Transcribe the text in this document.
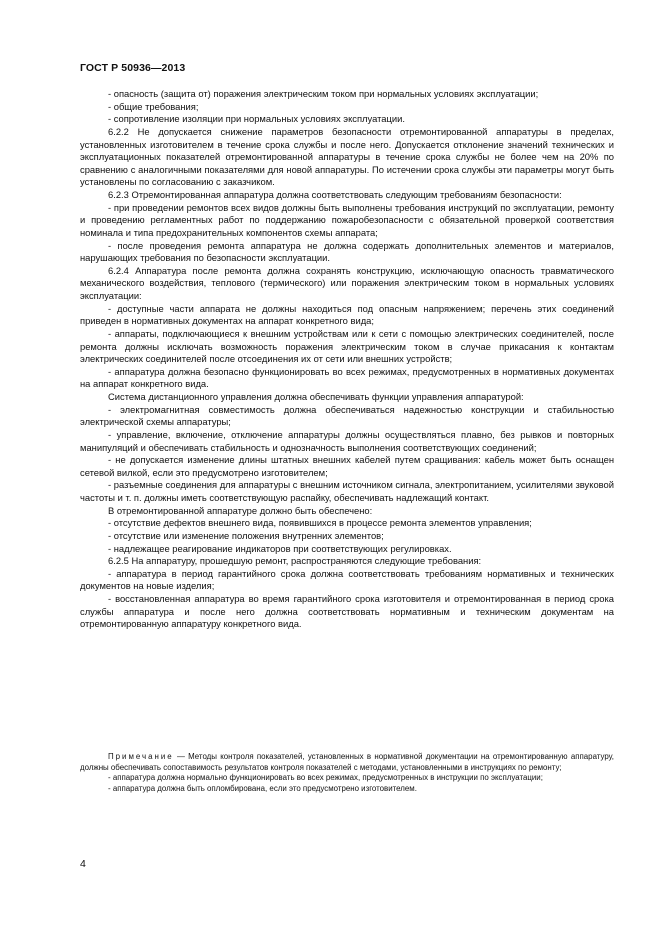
ГОСТ Р 50936—2013

- опасность (защита от) поражения электрическим током при нормальных условиях эксплуатации;

- общие требования;

- сопротивление изоляции при нормальных условиях эксплуатации.

6.2.2 Не допускается снижение параметров безопасности отремонтированной аппаратуры в пределах, установленных изготовителем в течение срока службы и после него. Допускается отклонение значений технических и эксплуатационных показателей отремонтированной аппаратуры в течение срока службы не более чем на 20% по сравнению с аналогичными показателями для новой аппаратуры. По истечении срока службы эти параметры могут быть установлены по согласованию с заказчиком.

6.2.3 Отремонтированная аппаратура должна соответствовать следующим требованиям безопасности:

- при проведении ремонтов всех видов должны быть выполнены требования инструкций по эксплуатации, ремонту и проведению регламентных работ по поддержанию пожаробезопасности с обязательной проверкой соответствия номинала и типа предохранительных компонентов схемы аппарата;

- после проведения ремонта аппаратура не должна содержать дополнительных элементов и материалов, нарушающих требования по безопасности эксплуатации.

6.2.4 Аппаратура после ремонта должна сохранять конструкцию, исключающую опасность травматического механического воздействия, теплового (термического) или поражения электрическим током в нормальных условиях эксплуатации:

- доступные части аппарата не должны находиться под опасным напряжением; перечень этих соединений приведен в нормативных документах на аппарат конкретного вида;

- аппараты, подключающиеся к внешним устройствам или к сети с помощью электрических соединителей, после ремонта должны исключать возможность поражения электрическим током в случае прикасания к контактам электрических соединителей после отсоединения их от сети или внешних устройств;

- аппаратура должна безопасно функционировать во всех режимах, предусмотренных в нормативных документах на аппарат конкретного вида.

Система дистанционного управления должна обеспечивать функции управления аппаратурой:

- электромагнитная совместимость должна обеспечиваться надежностью конструкции и стабильностью электрической схемы аппаратуры;

- управление, включение, отключение аппаратуры должны осуществляться плавно, без рывков и повторных манипуляций и обеспечивать стабильность и однозначность выполнения соответствующих соединений;

- не допускается изменение длины штатных внешних кабелей путем сращивания: кабель может быть оснащен сетевой вилкой, если это предусмотрено изготовителем;

- разъемные соединения для аппаратуры с внешним источником сигнала, электропитанием, усилителями звуковой частоты и т. п. должны иметь соответствующую распайку, обеспечивать надлежащий контакт.

В отремонтированной аппаратуре должно быть обеспечено:

- отсутствие дефектов внешнего вида, появившихся в процессе ремонта элементов управления;

- отсутствие или изменение положения внутренних элементов;

- надлежащее реагирование индикаторов при соответствующих регулировках.

6.2.5 На аппаратуру, прошедшую ремонт, распространяются следующие требования:

- аппаратура в период гарантийного срока должна соответствовать требованиям нормативных и технических документов на новые изделия;

- восстановленная аппаратура во время гарантийного срока изготовителя и отремонтированная в период срока службы аппаратура и после него должна соответствовать нормативным и техническим документам на отремонтированную аппаратуру конкретного вида.

Примечание — Методы контроля показателей, установленных в нормативной документации на отремонтированную аппаратуру, должны обеспечивать сопоставимость результатов контроля показателей с методами, установленными в инструкциях по ремонту;

- аппаратура должна нормально функционировать во всех режимах, предусмотренных в инструкции по эксплуатации;

- аппаратура должна быть опломбирована, если это предусмотрено изготовителем.

4
